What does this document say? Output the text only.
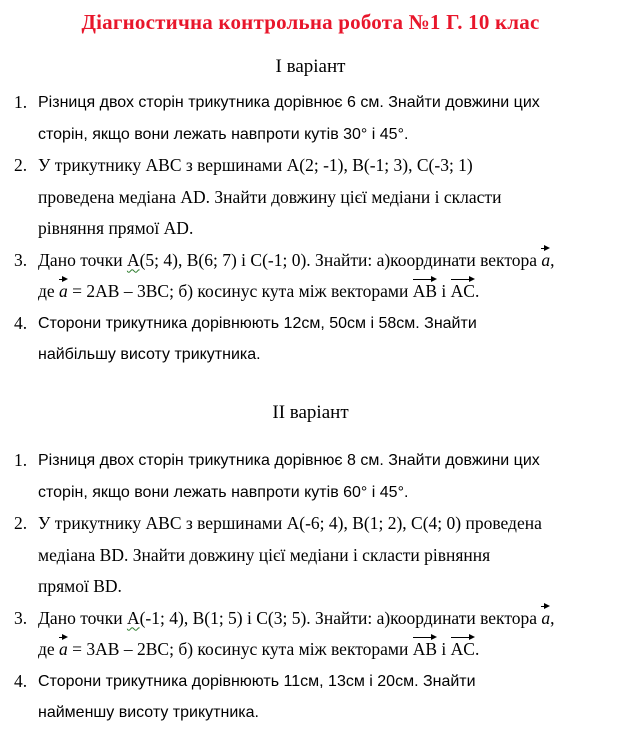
Діагностична контрольна робота №1 Г. 10 клас
І варіант
1. Різниця двох сторін трикутника дорівнює 6 см. Знайти довжини цих
сторін, якщо вони лежать навпроти кутів 30° і 45°.
2. У трикутнику ABC з вершинами A(2; -1), B(-1; 3), C(-3; 1)
проведена медіана AD. Знайти довжину цієї медіани і скласти
рівняння прямої AD.
3. Дано точки A(5; 4), B(6; 7) і С(-1; 0). Знайти: а)координати вектора a,
де a = 2AB – 3BC; б) косинус кута між векторами AB і AC.
4. Сторони трикутника дорівнюють 12см, 50см і 58см. Знайти
найбільшу висоту трикутника.
ІІ варіант
1. Різниця двох сторін трикутника дорівнює 8 см. Знайти довжини цих
сторін, якщо вони лежать навпроти кутів 60° і 45°.
2. У трикутнику ABC з вершинами A(-6; 4), B(1; 2), C(4; 0) проведена
медіана BD. Знайти довжину цієї медіани і скласти рівняння
прямої BD.
3. Дано точки A(-1; 4), B(1; 5) і С(3; 5). Знайти: а)координати вектора a,
де a = 3AB – 2BC; б) косинус кута між векторами AB і AC.
4. Сторони трикутника дорівнюють 11см, 13см і 20см. Знайти
найменшу висоту трикутника.
